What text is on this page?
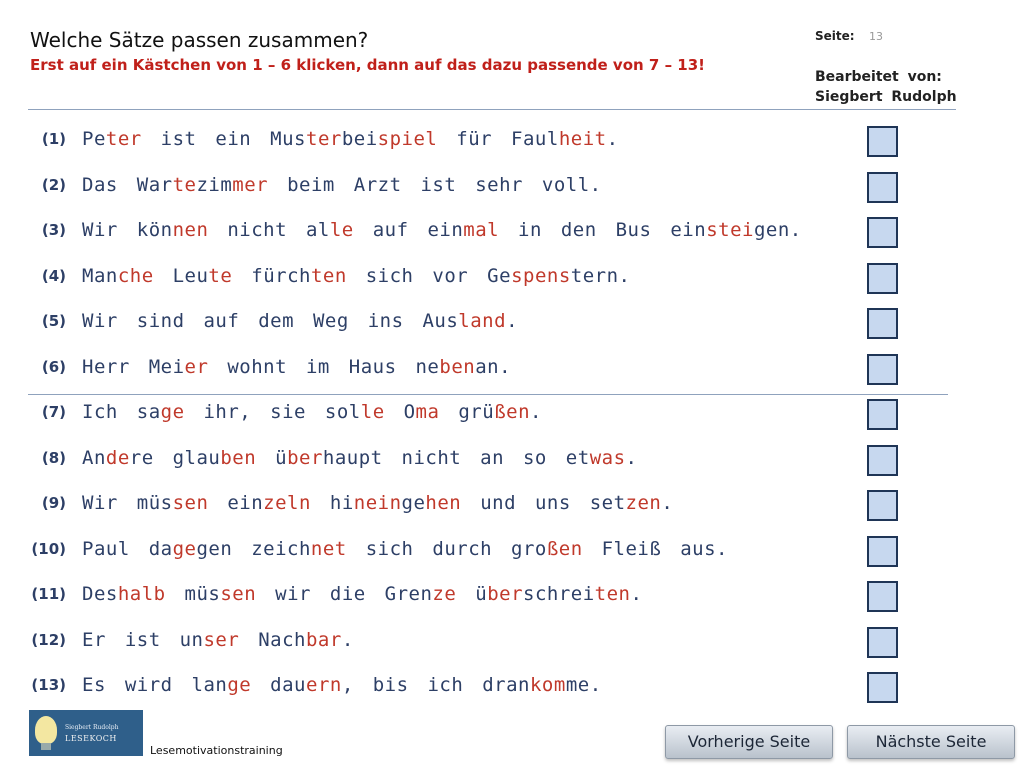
Welche Sätze passen zusammen?
Erst auf ein Kästchen von 1 – 6 klicken, dann auf das dazu passende von 7 – 13!
Seite: 13
Bearbeitet von:
Siegbert Rudolph
(1) Peter ist ein Musterbeispiel für Faulheit.
(2) Das Wartezimmer beim Arzt ist sehr voll.
(3) Wir können nicht alle auf einmal in den Bus einsteigen.
(4) Manche Leute fürchten sich vor Gespenstern.
(5) Wir sind auf dem Weg ins Ausland.
(6) Herr Meier wohnt im Haus nebenan.
(7) Ich sage ihr, sie solle Oma grüßen.
(8) Andere glauben überhaupt nicht an so etwas.
(9) Wir müssen einzeln hineingehen und uns setzen.
(10) Paul dagegen zeichnet sich durch großen Fleiß aus.
(11) Deshalb müssen wir die Grenze überschreiten.
(12) Er ist unser Nachbar.
(13) Es wird lange dauern, bis ich drankomme.
Siegbert Rudolph
LESEKOCH
Lesemotivationstraining	Vorherige Seite	Nächste Seite
